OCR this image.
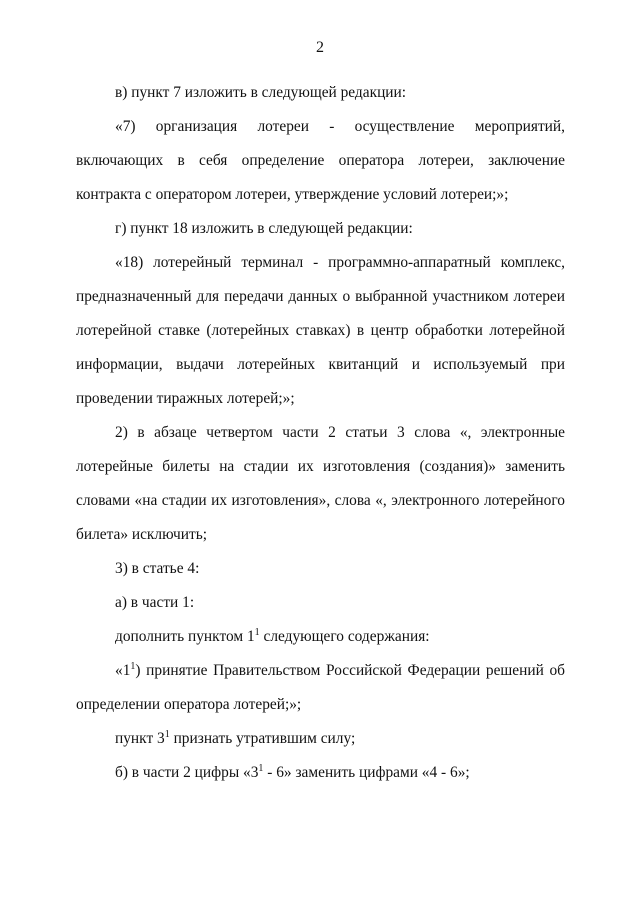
2

в) пункт 7 изложить в следующей редакции:

«7) организация лотереи - осуществление мероприятий, включающих в себя определение оператора лотереи, заключение контракта с оператором лотереи, утверждение условий лотереи;»;

г) пункт 18 изложить в следующей редакции:

«18) лотерейный терминал - программно-аппаратный комплекс, предназначенный для передачи данных о выбранной участником лотереи лотерейной ставке (лотерейных ставках) в центр обработки лотерейной информации, выдачи лотерейных квитанций и используемый при проведении тиражных лотерей;»;

2) в абзаце четвертом части 2 статьи 3 слова «, электронные лотерейные билеты на стадии их изготовления (создания)» заменить словами «на стадии их изготовления», слова «, электронного лотерейного билета» исключить;

3) в статье 4:

а) в части 1:

дополнить пунктом $1^1$ следующего содержания:

«$1^1$) принятие Правительством Российской Федерации решений об определении оператора лотерей;»;

пункт $3^1$ признать утратившим силу;

б) в части 2 цифры «$3^1 - 6$» заменить цифрами «4 - 6»;
